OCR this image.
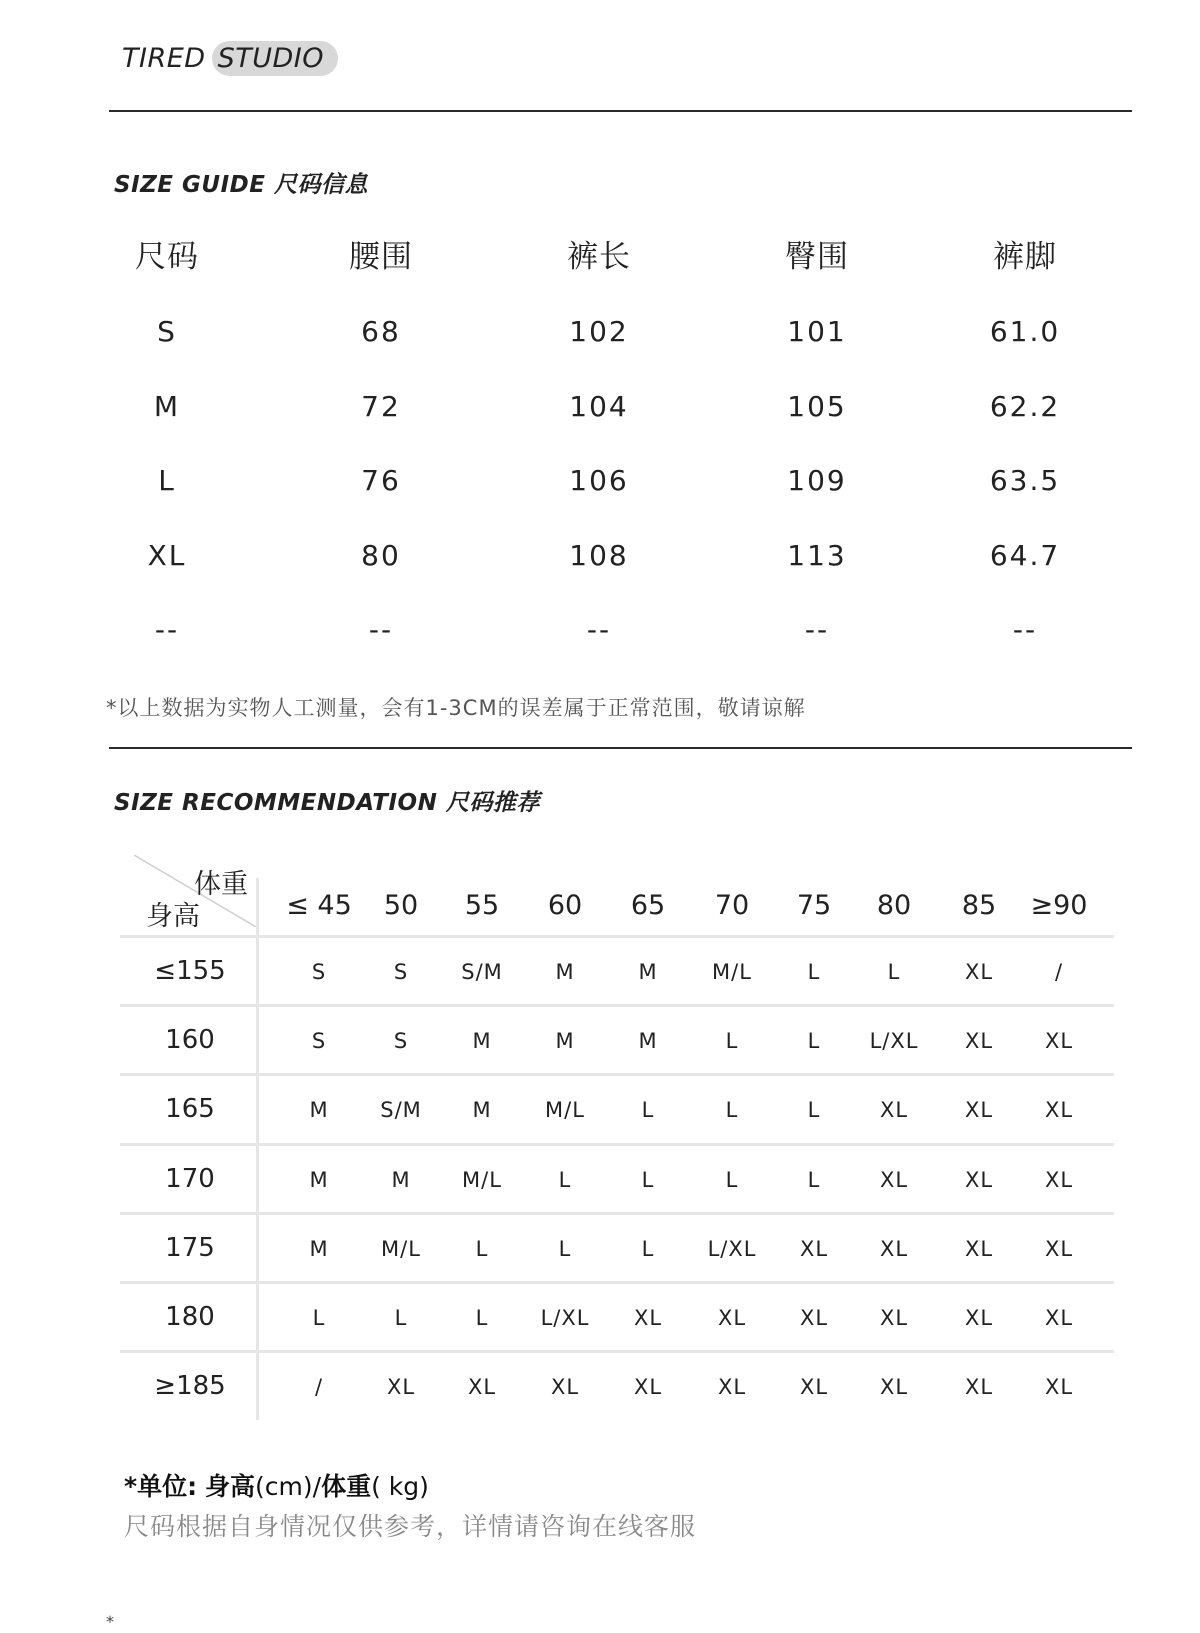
TIRED STUDIO
SIZE GUIDE 尺码信息
尺码	腰围	裤长	臀围	裤脚
S	68	102	101	61.0
M	72	104	105	62.2
L	76	106	109	63.5
XL	80	108	113	64.7
--	--	--	--	--
*以上数据为实物人工测量，会有1-3CM的误差属于正常范围，敬请谅解
SIZE RECOMMENDATION 尺码推荐
体重
身高	≤ 45	50	55	60	65	70	75	80	85	≥90
≤155	S	S	S/M	M	M	M/L	L	L	XL	/
160	S	S	M	M	M	L	L	L/XL	XL	XL
165	M	S/M	M	M/L	L	L	L	XL	XL	XL
170	M	M	M/L	L	L	L	L	XL	XL	XL
175	M	M/L	L	L	L	L/XL	XL	XL	XL	XL
180	L	L	L	L/XL	XL	XL	XL	XL	XL	XL
≥185	/	XL	XL	XL	XL	XL	XL	XL	XL	XL
*单位: 身高(cm)/体重( kg)
尺码根据自身情况仅供参考，详情请咨询在线客服
*
